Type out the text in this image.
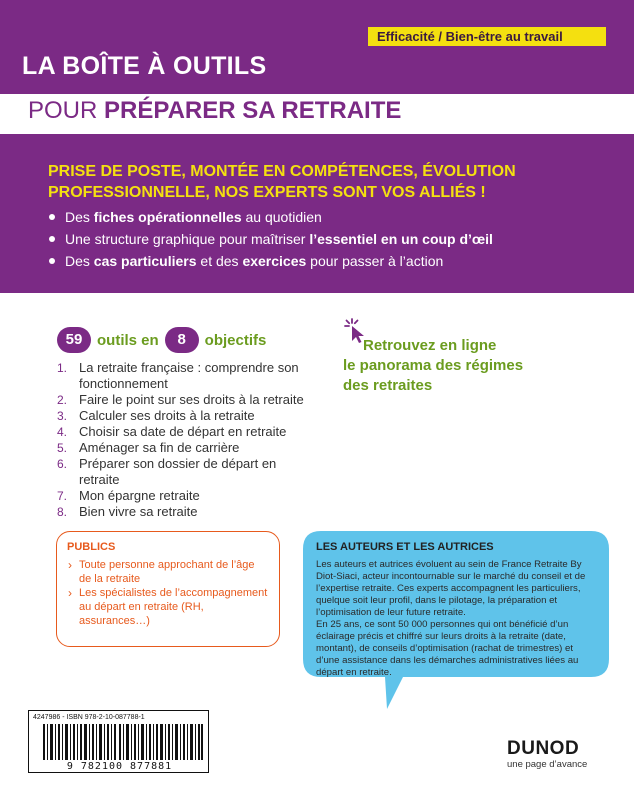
Efficacité / Bien-être au travail
LA BOÎTE À OUTILS
POUR PRÉPARER SA RETRAITE
PRISE DE POSTE, MONTÉE EN COMPÉTENCES, ÉVOLUTION PROFESSIONNELLE, NOS EXPERTS SONT VOS ALLIÉS !
Des fiches opérationnelles au quotidien
Une structure graphique pour maîtriser l’essentiel en un coup d’œil
Des cas particuliers et des exercices pour passer à l’action
59 outils en	8	objectifs
1. La retraite française : comprendre son fonctionnement
2. Faire le point sur ses droits à la retraite
3. Calculer ses droits à la retraite
4. Choisir sa date de départ en retraite
5. Aménager sa fin de carrière
6. Préparer son dossier de départ en retraite
7. Mon épargne retraite
8. Bien vivre sa retraite
Retrouvez en ligne
le panorama des régimes
des retraites
PUBLICS
› Toute personne approchant de l’âge de la retraite
› Les spécialistes de l’accompagnement au départ en retraite (RH, assurances…)
LES AUTEURS ET LES AUTRICES
Les auteurs et autrices évoluent au sein de France Retraite By Diot-Siaci, acteur incontournable sur le marché du conseil et de l’expertise retraite. Ces experts accompagnent les particuliers, quelque soit leur profil, dans le pilotage, la préparation et l’optimisation de leur future retraite.
En 25 ans, ce sont 50 000 personnes qui ont bénéficié d’un éclairage précis et chiffré sur leurs droits à la retraite (date, montant), de conseils d’optimisation (rachat de trimestres) et d’une assistance dans les démarches administratives liées au départ en retraite.
4247986 - ISBN 978-2-10-087788-1
9 782100 877881
DUNOD
une page d’avance
